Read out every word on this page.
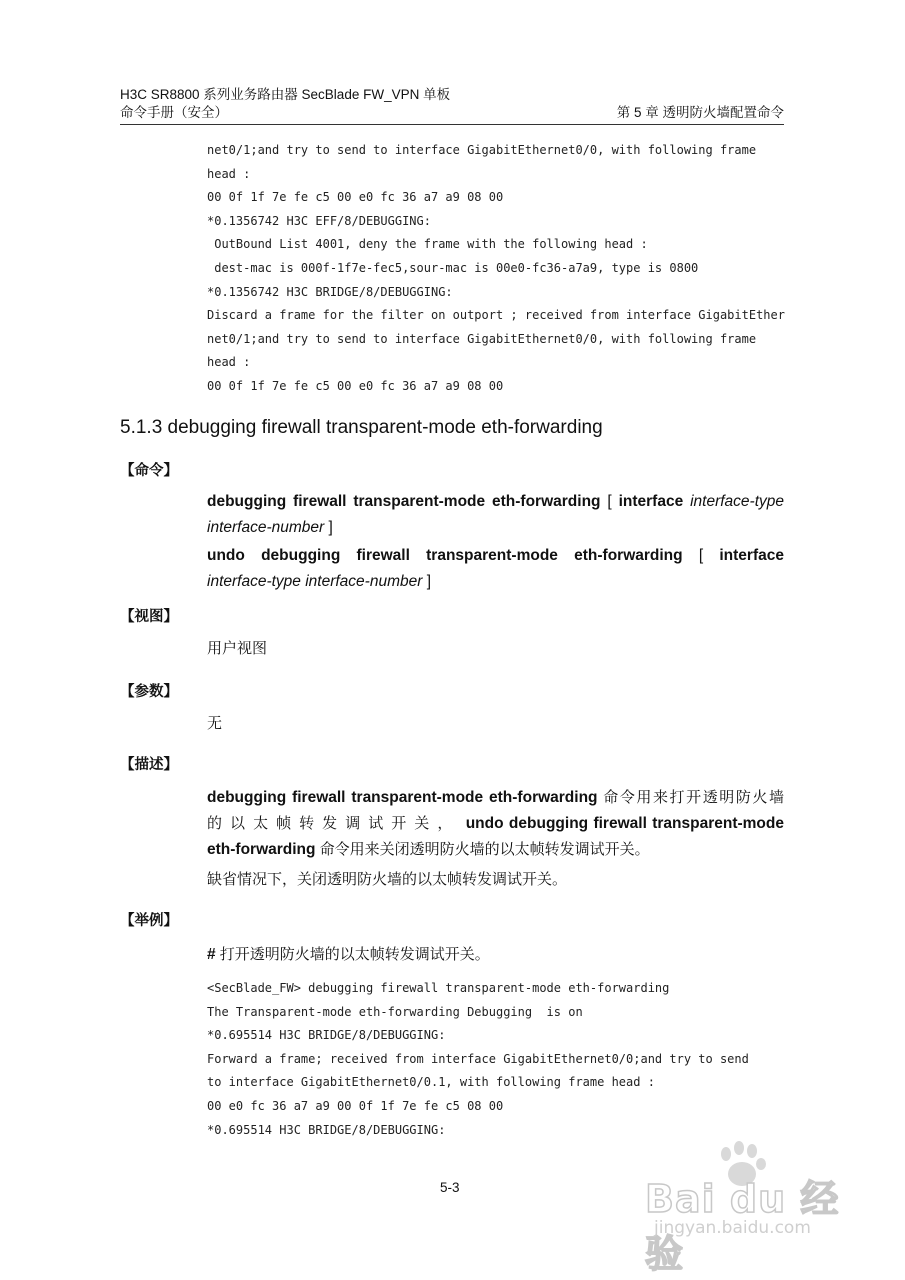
H3C SR8800 系列业务路由器 SecBlade FW_VPN 单板
命令手册（安全）	第 5 章 透明防火墙配置命令
net0/1;and try to send to interface GigabitEthernet0/0, with following frame
head :
00 0f 1f 7e fe c5 00 e0 fc 36 a7 a9 08 00
*0.1356742 H3C EFF/8/DEBUGGING:
OutBound List 4001, deny the frame with the following head :
dest-mac is 000f-1f7e-fec5,sour-mac is 00e0-fc36-a7a9, type is 0800
*0.1356742 H3C BRIDGE/8/DEBUGGING:
Discard a frame for the filter on outport ; received from interface GigabitEther
net0/1;and try to send to interface GigabitEthernet0/0, with following frame
head :
00 0f 1f 7e fe c5 00 e0 fc 36 a7 a9 08 00
5.1.3 debugging firewall transparent-mode eth-forwarding
【命令】
debugging firewall transparent-mode eth-forwarding [ interface interface-type
interface-number ]
undo debugging firewall transparent-mode eth-forwarding [ interface
interface-type interface-number ]
【视图】
用户视图
【参数】
无
【描述】
debugging firewall transparent-mode eth-forwarding 命令用来打开透明防火墙
的以太帧转发调试开关， undo debugging firewall transparent-mode
eth-forwarding 命令用来关闭透明防火墙的以太帧转发调试开关。
缺省情况下，关闭透明防火墙的以太帧转发调试开关。
【举例】
# 打开透明防火墙的以太帧转发调试开关。
<SecBlade_FW> debugging firewall transparent-mode eth-forwarding
The Transparent-mode eth-forwarding Debugging  is on
*0.695514 H3C BRIDGE/8/DEBUGGING:
Forward a frame; received from interface GigabitEthernet0/0;and try to send
to interface GigabitEthernet0/0.1, with following frame head :
00 e0 fc 36 a7 a9 00 0f 1f 7e fe c5 08 00
*0.695514 H3C BRIDGE/8/DEBUGGING:
5-3	Bai du 经验
jingyan.baidu.com
